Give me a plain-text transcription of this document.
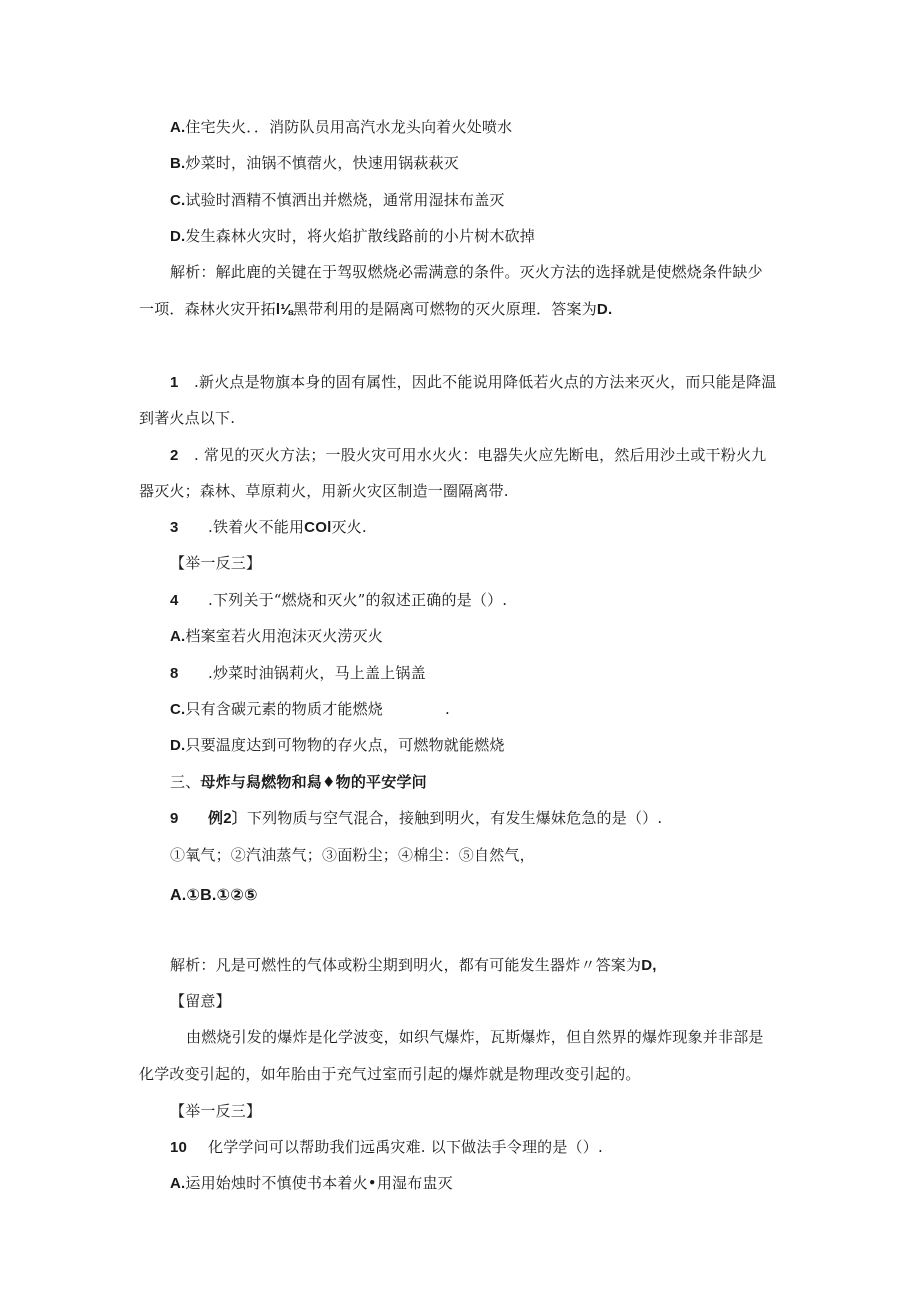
A.住宅失火．．消防队员用高汽水龙头向着火处喷水
B.炒菜时，油锅不慎蓿火，快速用锅萩萩灭
C.试验时酒精不慎洒出并燃烧，通常用湿抹布盖灭
D.发生森林火灾时，将火焰扩散线路前的小片树木砍掉
解析：解此鹿的关键在于驾驭燃烧必需满意的条件。灭火方法的选择就是使燃烧条件缺少
一项．森林火灾开拓l⅛黑带利用的是隔离可燃物的灭火原理．答案为D.
1 .新火点是物旗本身的固有属性，因此不能说用降低若火点的方法来灭火，而只能是降温
到著火点以下.
2 . 常见的灭火方法；一股火灾可用水火火：电器失火应先断电，然后用沙土或干粉火九
器灭火；森林、草原莉火，用新火灾区制造一圈隔离带.
3 .铁着火不能用COl灭火.
【举一反三】
4 .下列关于“燃烧和灭火”的叙述正确的是（）.
A.档案室若火用泡沫灭火涝灭火
8 .炒菜时油锅莉火，马上盖上锅盖
C.只有含碳元素的物质才能燃烧	.
D.只要温度达到可物物的存火点，可燃物就能燃烧
三、母炸与舄燃物和舄♦物的平安学问
9 例2〕下列物质与空气混合，接触到明火，有发生爆妹危急的是（）.
①氧气；②汽油蒸气；③面粉尘；④棉尘：⑤自然气，
A.①B.①②⑤
解析：凡是可燃性的气体或粉尘期到明火，都有可能发生器炸〃答案为D,
【留意】
由燃烧引发的爆炸是化学波变，如织气爆炸，瓦斯爆炸，但自然界的爆炸现象并非部是
化学改变引起的，如年胎由于充气过室而引起的爆炸就是物理改变引起的。
【举一反三】
10 化学学问可以帮助我们远禹灾难. 以下做法手令理的是（）.
A.运用始烛时不慎使书本着火•用湿布盅灭
